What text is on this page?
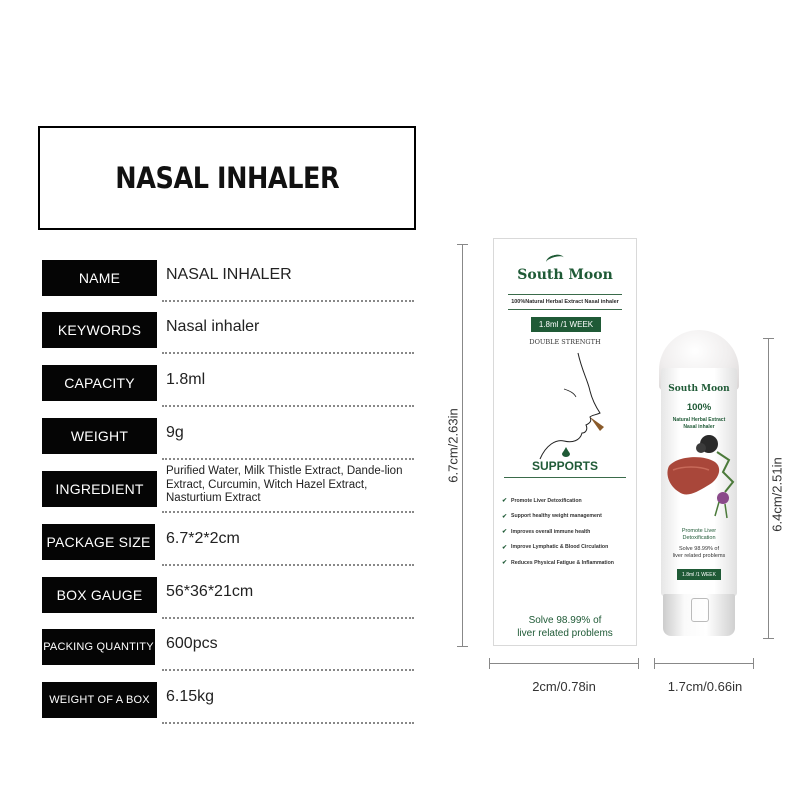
NASAL INHALER
NAME	NASAL INHALER
KEYWORDS	Nasal inhaler
CAPACITY	1.8ml
WEIGHT	9g
INGREDIENT
Purified Water, Milk Thistle Extract, Dande-lion Extract, Curcumin, Witch Hazel Extract, Nasturtium Extract
PACKAGE SIZE 6.7*2*2cm
BOX GAUGE	56*36*21cm
PACKING QUANTITY 600pcs
WEIGHT OF A BOX	6.15kg
South Moon
100%Natural Herbal Extract Nasal inhaler
1.8ml /1 WEEK
DOUBLE STRENGTH
SUPPORTS
✔ Promote Liver Detoxification
✔ Support healthy weight management
✔ Improves overall immune health
✔ Improve Lymphatic & Blood Circulation
✔ Reduces Physical Fatigue & Inflammation
Solve 98.99% of
liver related problems
South Moon
100%
Natural Herbal Extract
Nasal inhaler
Promote Liver
Detoxification
Solve 98.99% of
liver related problems
1.8ml /1 WEEK
6.7cm/2.63in
2cm/0.78in
6.4cm/2.51in
1.7cm/0.66in
